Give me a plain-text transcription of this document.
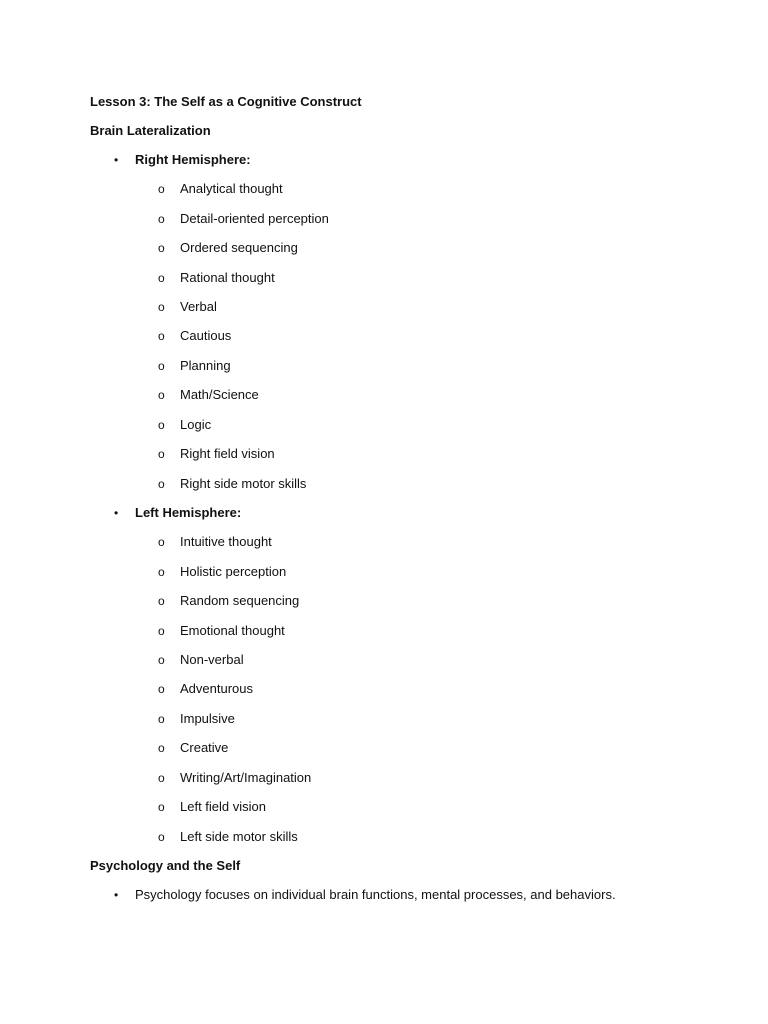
Lesson 3: The Self as a Cognitive Construct
Brain Lateralization
• Right Hemisphere:
o Analytical thought
o Detail-oriented perception
o Ordered sequencing
o Rational thought
o Verbal
o Cautious
o Planning
o Math/Science
o Logic
o Right field vision
o Right side motor skills
• Left Hemisphere:
o Intuitive thought
o Holistic perception
o Random sequencing
o Emotional thought
o Non-verbal
o Adventurous
o Impulsive
o Creative
o Writing/Art/Imagination
o Left field vision
o Left side motor skills
Psychology and the Self
• Psychology focuses on individual brain functions, mental processes, and behaviors.
